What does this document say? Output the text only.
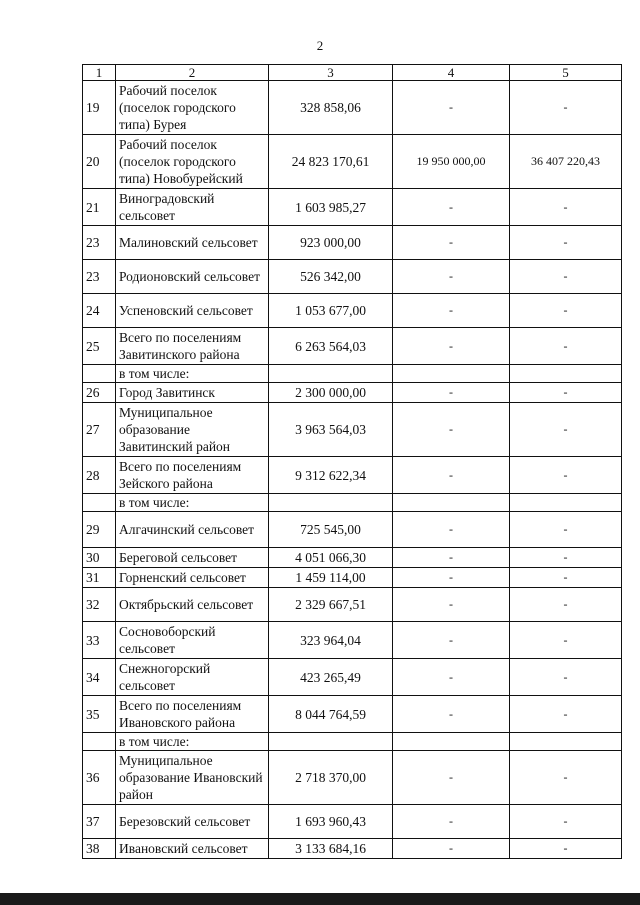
2
1	2	3	4	5
19	Рабочий поселок (поселок городского типа) Бурея	328 858,06	-	-
20	Рабочий поселок (поселок городского типа) Новобурейский	24 823 170,61	19 950 000,00	36 407 220,43
21	Виноградовский сельсовет	1 603 985,27	-	-
23	Малиновский сельсовет	923 000,00	-	-
23	Родионовский сельсовет	526 342,00	-	-
24	Успеновский сельсовет	1 053 677,00	-	-
25	Всего по поселениям Завитинского района	6 263 564,03	-	-
	в том числе:			
26	Город Завитинск	2 300 000,00	-	-
27	Муниципальное образование Завитинский район	3 963 564,03	-	-
28	Всего по поселениям Зейского района	9 312 622,34	-	-
	в том числе:			
29	Алгачинский сельсовет	725 545,00	-	-
30	Береговой сельсовет	4 051 066,30	-	-
31	Горненский сельсовет	1 459 114,00	-	-
32	Октябрьский сельсовет	2 329 667,51	-	-
33	Сосновоборский сельсовет	323 964,04	-	-
34	Снежногорский сельсовет	423 265,49	-	-
35	Всего по поселениям Ивановского района	8 044 764,59	-	-
	в том числе:			
36	Муниципальное образование Ивановский район	2 718 370,00	-	-
37	Березовский сельсовет	1 693 960,43	-	-
38	Ивановский сельсовет	3 133 684,16	-	-
